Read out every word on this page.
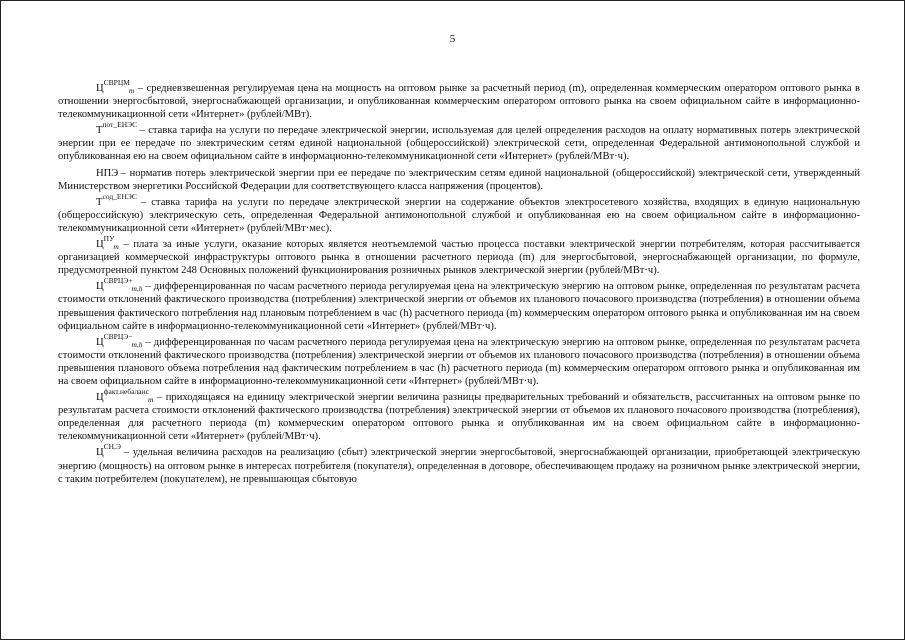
5

$Ц^{СВРЦМ}_m$ – средневзвешенная регулируемая цена на мощность на оптовом рынке за расчетный период (m), определенная коммерческим оператором оптового рынка в отношении энергосбытовой, энергоснабжающей организации, и опубликованная коммерческим оператором оптового рынка на своем официальном сайте в информационно-телекоммуникационной сети «Интернет» (рублей/МВт).

$Т^{пот\_ЕНЭС}$ – ставка тарифа на услуги по передаче электрической энергии, используемая для целей определения расходов на оплату нормативных потерь электрической энергии при ее передаче по электрическим сетям единой национальной (общероссийской) электрической сети, определенная Федеральной антимонопольной службой и опубликованная ею на своем официальном сайте в информационно-телекоммуникационной сети «Интернет» (рублей/МВт·ч).

НПЭ – норматив потерь электрической энергии при ее передаче по электрическим сетям единой национальной (общероссийской) электрической сети, утвержденный Министерством энергетики Российской Федерации для соответствующего класса напряжения (процентов).

$Т^{сод\_ЕНЭС}$ – ставка тарифа на услуги по передаче электрической энергии на содержание объектов электросетевого хозяйства, входящих в единую национальную (общероссийскую) электрическую сеть, определенная Федеральной антимонопольной службой и опубликованная ею на своем официальном сайте в информационно-телекоммуникационной сети «Интернет» (рублей/МВт·мес).

$Ц^{ПУ}_m$ – плата за иные услуги, оказание которых является неотъемлемой частью процесса поставки электрической энергии потребителям, которая рассчитывается организацией коммерческой инфраструктуры оптового рынка в отношении расчетного периода (m) для энергосбытовой, энергоснабжающей организации, по формуле, предусмотренной пунктом 248 Основных положений функционирования розничных рынков электрической энергии (рублей/МВт·ч).

$Ц^{СВРЦЭ+}_{m,h}$ – дифференцированная по часам расчетного периода регулируемая цена на электрическую энергию на оптовом рынке, определенная по результатам расчета стоимости отклонений фактического производства (потребления) электрической энергии от объемов их планового почасового производства (потребления) в отношении объема превышения фактического потребления над плановым потреблением в час (h) расчетного периода (m) коммерческим оператором оптового рынка и опубликованная им на своем официальном сайте в информационно-телекоммуникационной сети «Интернет» (рублей/МВт·ч).

$Ц^{СВРЦЭ-}_{m,h}$ – дифференцированная по часам расчетного периода регулируемая цена на электрическую энергию на оптовом рынке, определенная по результатам расчета стоимости отклонений фактического производства (потребления) электрической энергии от объемов их планового почасового производства (потребления) в отношении объема превышения планового объема потребления над фактическим потреблением в час (h) расчетного периода (m) коммерческим оператором оптового рынка и опубликованная им на своем официальном сайте в информационно-телекоммуникационной сети «Интернет» (рублей/МВт·ч).

$Ц^{факт.небаланс}_m$ – приходящаяся на единицу электрической энергии величина разницы предварительных требований и обязательств, рассчитанных на оптовом рынке по результатам расчета стоимости отклонений фактического производства (потребления) электрической энергии от объемов их планового почасового производства (потребления), определенная для расчетного периода (m) коммерческим оператором оптового рынка и опубликованная им на своем официальном сайте в информационно-телекоммуникационной сети «Интернет» (рублей/МВт·ч).

$Ц^{СН,Э}$ – удельная величина расходов на реализацию (сбыт) электрической энергии энергосбытовой, энергоснабжающей организации, приобретающей электрическую энергию (мощность) на оптовом рынке в интересах потребителя (покупателя), определенная в договоре, обеспечивающем продажу на розничном рынке электрической энергии, с таким потребителем (покупателем), не превышающая сбытовую
